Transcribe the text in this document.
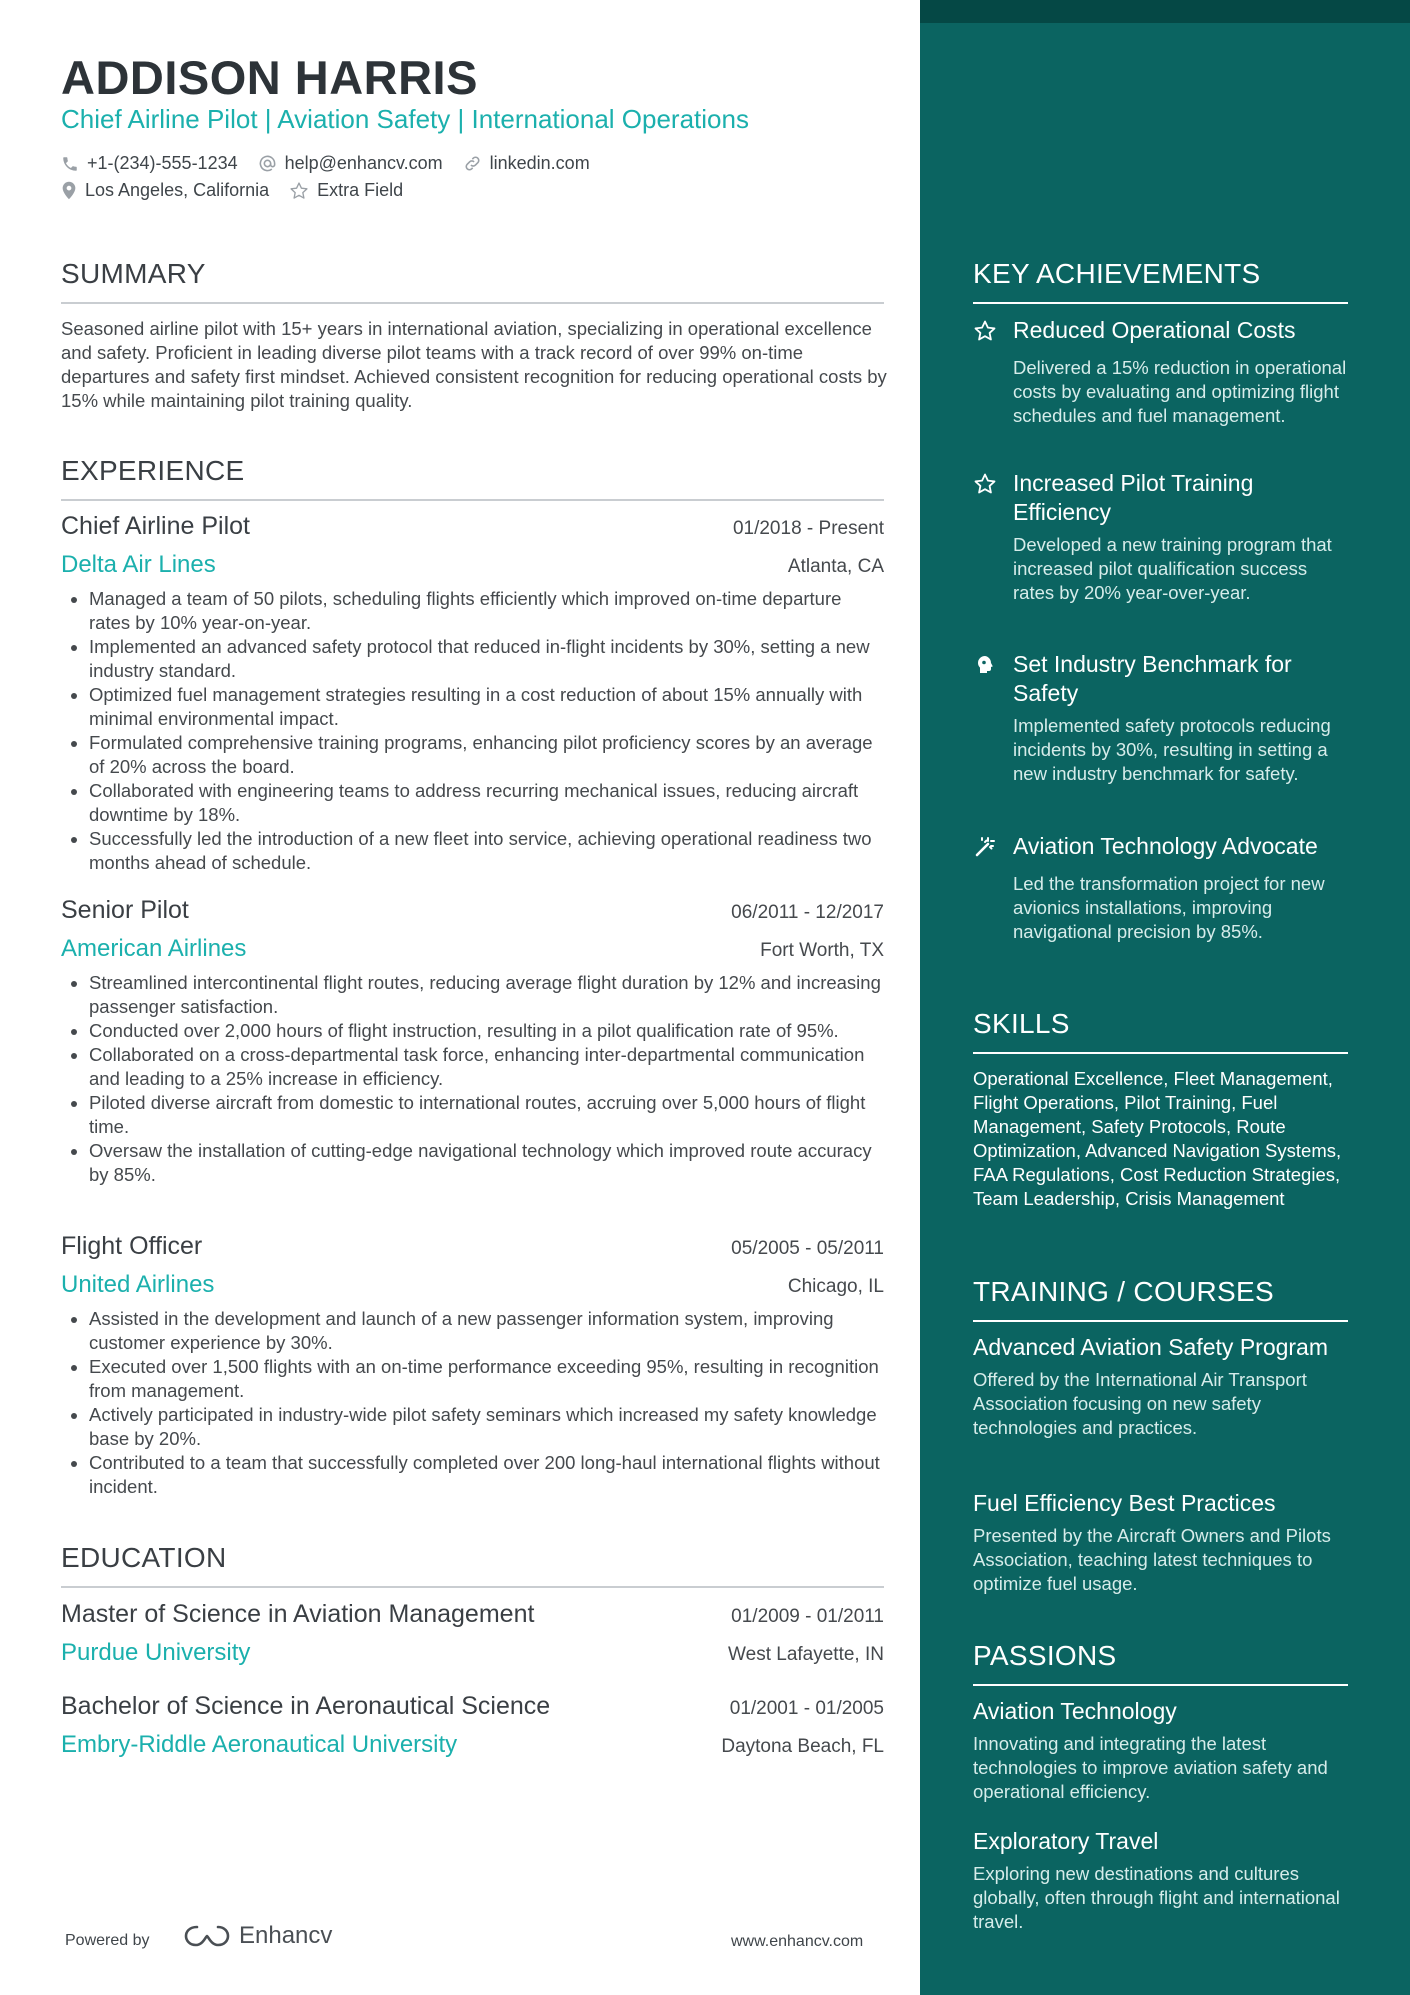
ADDISON HARRIS
Chief Airline Pilot | Aviation Safety | International Operations
+1-(234)-555-1234	help@enhancv.com	linkedin.com
Los Angeles, California	Extra Field
SUMMARY
Seasoned airline pilot with 15+ years in international aviation, specializing in operational excellence and safety. Proficient in leading diverse pilot teams with a track record of over 99% on-time departures and safety first mindset. Achieved consistent recognition for reducing operational costs by 15% while maintaining pilot training quality.
EXPERIENCE
Chief Airline Pilot	01/2018 - Present
Delta Air Lines	Atlanta, CA
• Managed a team of 50 pilots, scheduling flights efficiently which improved on-time departure rates by 10% year-on-year.
• Implemented an advanced safety protocol that reduced in-flight incidents by 30%, setting a new industry standard.
• Optimized fuel management strategies resulting in a cost reduction of about 15% annually with minimal environmental impact.
• Formulated comprehensive training programs, enhancing pilot proficiency scores by an average of 20% across the board.
• Collaborated with engineering teams to address recurring mechanical issues, reducing aircraft downtime by 18%.
• Successfully led the introduction of a new fleet into service, achieving operational readiness two months ahead of schedule.
Senior Pilot	06/2011 - 12/2017
American Airlines	Fort Worth, TX
• Streamlined intercontinental flight routes, reducing average flight duration by 12% and increasing passenger satisfaction.
• Conducted over 2,000 hours of flight instruction, resulting in a pilot qualification rate of 95%.
• Collaborated on a cross-departmental task force, enhancing inter-departmental communication and leading to a 25% increase in efficiency.
• Piloted diverse aircraft from domestic to international routes, accruing over 5,000 hours of flight time.
• Oversaw the installation of cutting-edge navigational technology which improved route accuracy by 85%.
Flight Officer	05/2005 - 05/2011
United Airlines	Chicago, IL
• Assisted in the development and launch of a new passenger information system, improving customer experience by 30%.
• Executed over 1,500 flights with an on-time performance exceeding 95%, resulting in recognition from management.
• Actively participated in industry-wide pilot safety seminars which increased my safety knowledge base by 20%.
• Contributed to a team that successfully completed over 200 long-haul international flights without incident.
EDUCATION
Master of Science in Aviation Management	01/2009 - 01/2011
Purdue University	West Lafayette, IN
Bachelor of Science in Aeronautical Science	01/2001 - 01/2005
Embry-Riddle Aeronautical University	Daytona Beach, FL
Powered by	Enhancv	www.enhancv.com
KEY ACHIEVEMENTS
Reduced Operational Costs
Delivered a 15% reduction in operational costs by evaluating and optimizing flight schedules and fuel management.
Increased Pilot Training Efficiency
Developed a new training program that increased pilot qualification success rates by 20% year-over-year.
Set Industry Benchmark for Safety
Implemented safety protocols reducing incidents by 30%, resulting in setting a new industry benchmark for safety.
Aviation Technology Advocate
Led the transformation project for new avionics installations, improving navigational precision by 85%.
SKILLS
Operational Excellence, Fleet Management, Flight Operations, Pilot Training, Fuel Management, Safety Protocols, Route Optimization, Advanced Navigation Systems, FAA Regulations, Cost Reduction Strategies, Team Leadership, Crisis Management
TRAINING / COURSES
Advanced Aviation Safety Program
Offered by the International Air Transport Association focusing on new safety technologies and practices.
Fuel Efficiency Best Practices
Presented by the Aircraft Owners and Pilots Association, teaching latest techniques to optimize fuel usage.
PASSIONS
Aviation Technology
Innovating and integrating the latest technologies to improve aviation safety and operational efficiency.
Exploratory Travel
Exploring new destinations and cultures globally, often through flight and international travel.
